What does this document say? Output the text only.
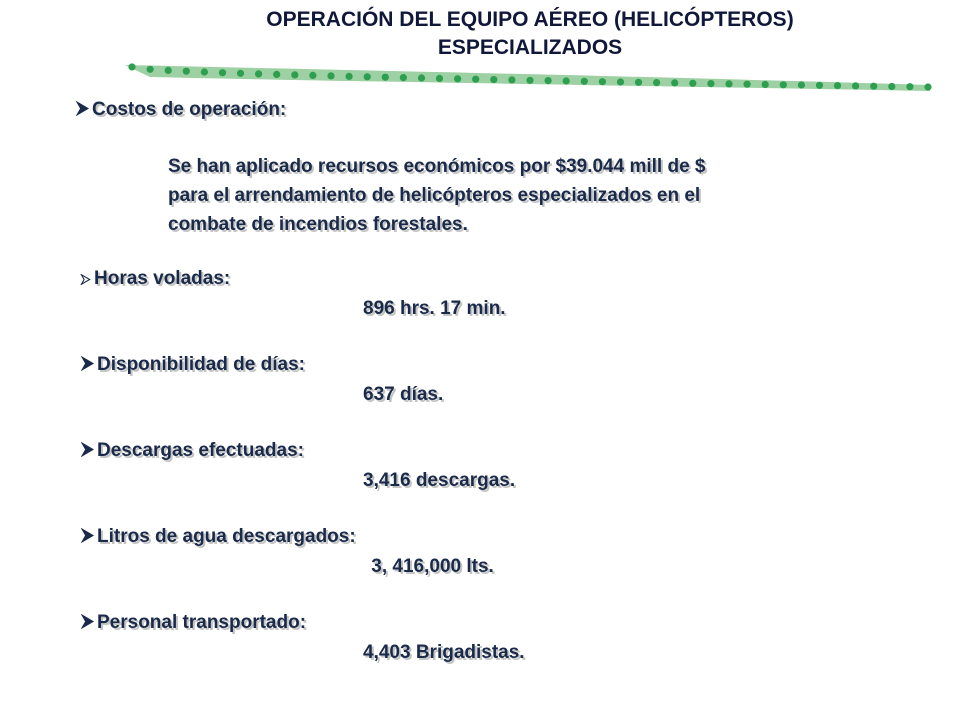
OPERACIÓN DEL EQUIPO AÉREO (HELICÓPTEROS)
ESPECIALIZADOS
Costos de operación:
Se han aplicado recursos económicos por $39.044 mill de $
para el arrendamiento de helicópteros especializados en el
combate de incendios forestales.
Horas voladas:
896 hrs. 17 min.
Disponibilidad de días:
637 días.
Descargas efectuadas:
3,416 descargas.
Litros de agua descargados:
3, 416,000 lts.
Personal transportado:
4,403 Brigadistas.
